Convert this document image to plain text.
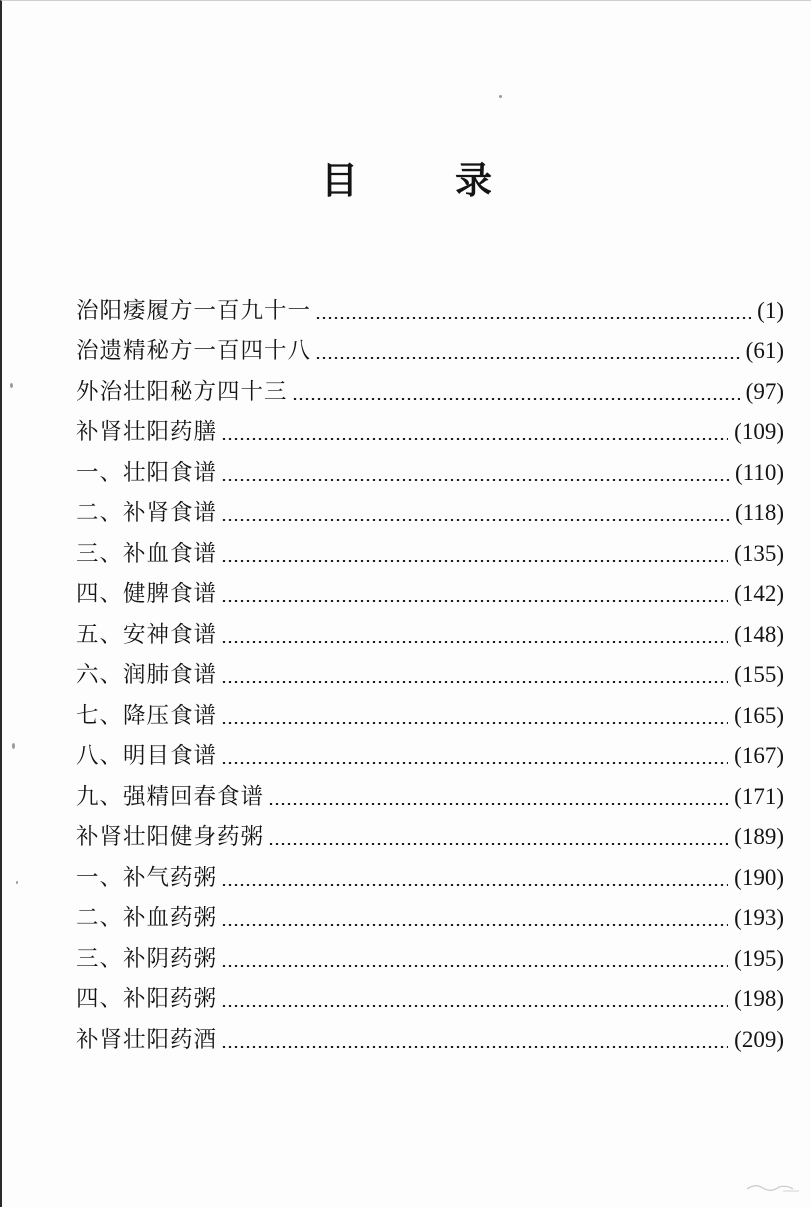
目　录
治阳痿履方一百九十一	(1)
治遗精秘方一百四十八	(61)
外治壮阳秘方四十三	(97)
补肾壮阳药膳	(109)
一、壮阳食谱	(110)
二、补肾食谱	(118)
三、补血食谱	(135)
四、健脾食谱	(142)
五、安神食谱	(148)
六、润肺食谱	(155)
七、降压食谱	(165)
八、明目食谱	(167)
九、强精回春食谱	(171)
补肾壮阳健身药粥	(189)
一、补气药粥	(190)
二、补血药粥	(193)
三、补阴药粥	(195)
四、补阳药粥	(198)
补肾壮阳药酒	(209)
